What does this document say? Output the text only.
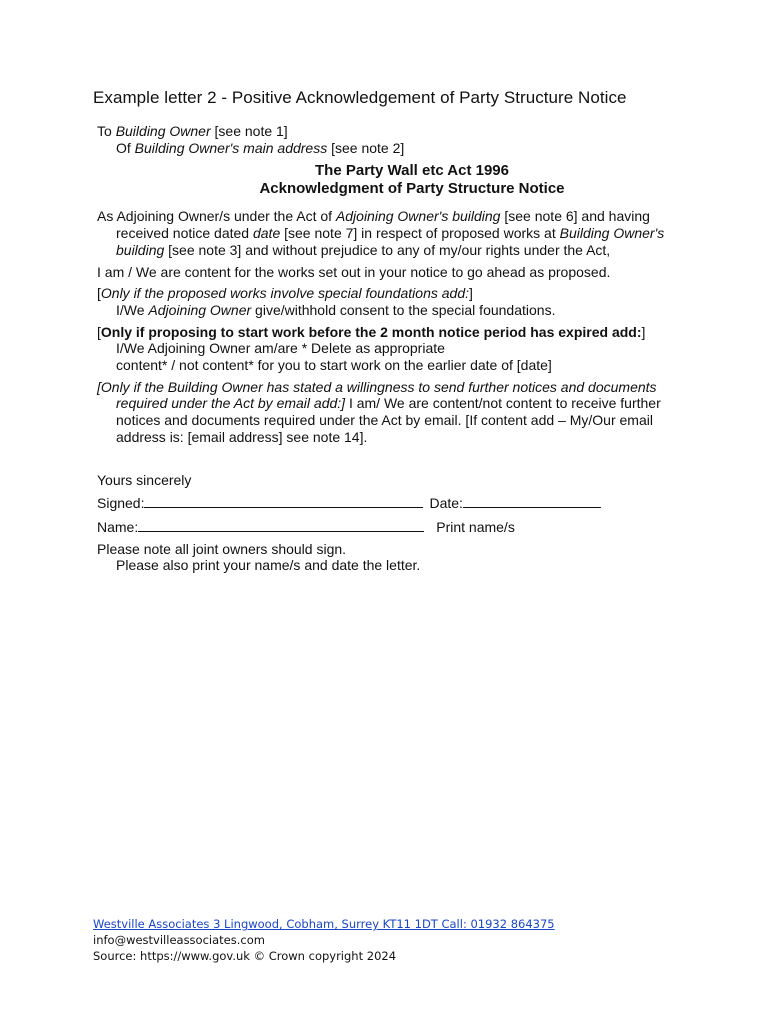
Example letter 2 - Positive Acknowledgement of Party Structure Notice
To Building Owner [see note 1]
Of Building Owner's main address [see note 2]
The Party Wall etc Act 1996
Acknowledgment of Party Structure Notice
As Adjoining Owner/s under the Act of Adjoining Owner's building [see note 6] and having received notice dated date [see note 7] in respect of proposed works at Building Owner's building [see note 3] and without prejudice to any of my/our rights under the Act,
I am / We are content for the works set out in your notice to go ahead as proposed.
[Only if the proposed works involve special foundations add:]
I/We Adjoining Owner give/withhold consent to the special foundations.
[Only if proposing to start work before the 2 month notice period has expired add:]
I/We Adjoining Owner am/are * Delete as appropriate
content* / not content* for you to start work on the earlier date of [date]
[Only if the Building Owner has stated a willingness to send further notices and documents required under the Act by email add:] I am/ We are content/not content to receive further notices and documents required under the Act by email. [If content add – My/Our email address is: [email address] see note 14].
Yours sincerely
Signed:	Date:
Name:	Print name/s
Please note all joint owners should sign.
Please also print your name/s and date the letter.
Westville Associates 3 Lingwood, Cobham, Surrey KT11 1DT Call: 01932 864375
info@westvilleassociates.com
Source: https://www.gov.uk © Crown copyright 2024
